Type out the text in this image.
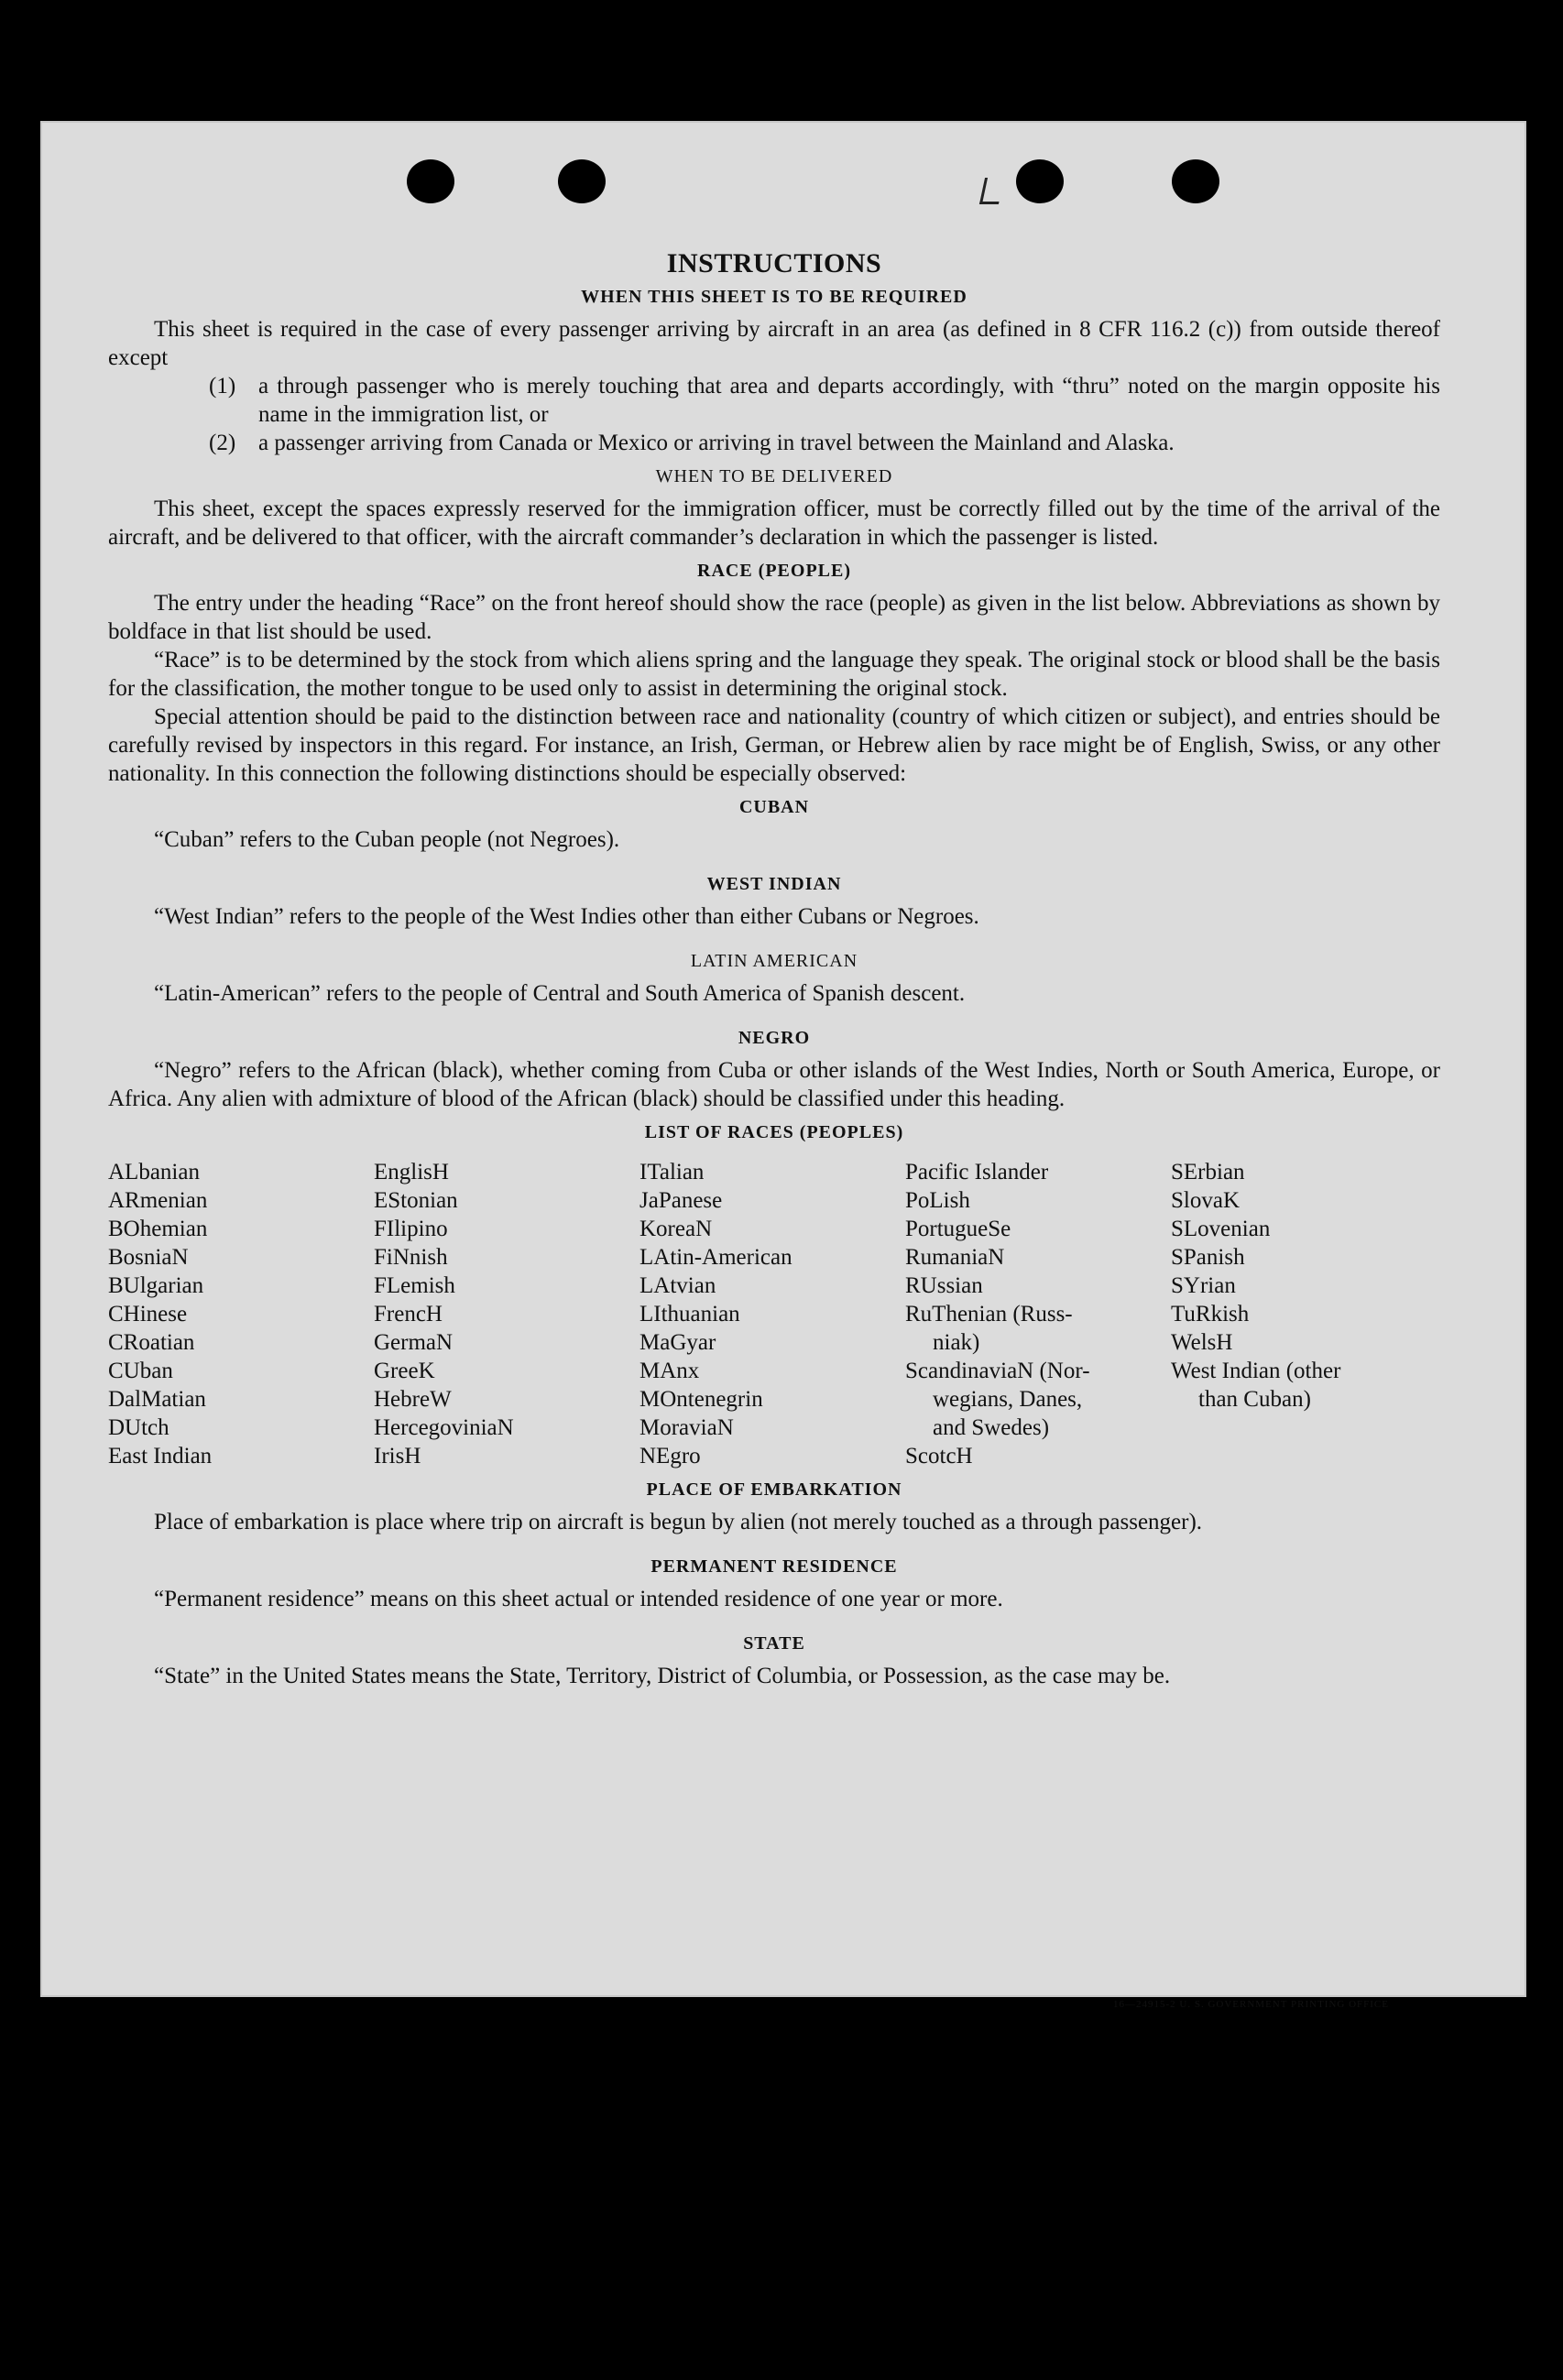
INSTRUCTIONS
WHEN THIS SHEET IS TO BE REQUIRED

This sheet is required in the case of every passenger arriving by aircraft in an area (as defined in 8 CFR 116.2 (c)) from outside thereof except

(1) a through passenger who is merely touching that area and departs accordingly, with “thru” noted on the margin opposite his name in the immigration list, or
(2) a passenger arriving from Canada or Mexico or arriving in travel between the Mainland and Alaska.
WHEN TO BE DELIVERED

This sheet, except the spaces expressly reserved for the immigration officer, must be correctly filled out by the time of the arrival of the aircraft, and be delivered to that officer, with the aircraft commander’s declaration in which the passenger is listed.

RACE (PEOPLE)

The entry under the heading “Race” on the front hereof should show the race (people) as given in the list below. Abbreviations as shown by boldface in that list should be used.

“Race” is to be determined by the stock from which aliens spring and the language they speak. The original stock or blood shall be the basis for the classification, the mother tongue to be used only to assist in determining the original stock.

Special attention should be paid to the distinction between race and nationality (country of which citizen or subject), and entries should be carefully revised by inspectors in this regard. For instance, an Irish, German, or Hebrew alien by race might be of English, Swiss, or any other nationality. In this connection the following distinctions should be especially observed:

CUBAN

“Cuban” refers to the Cuban people (not Negroes).

WEST INDIAN

“West Indian” refers to the people of the West Indies other than either Cubans or Negroes.

LATIN AMERICAN

“Latin-American” refers to the people of Central and South America of Spanish descent.

NEGRO

“Negro” refers to the African (black), whether coming from Cuba or other islands of the West Indies, North or South America, Europe, or Africa. Any alien with admixture of blood of the African (black) should be classified under this heading.

LIST OF RACES (PEOPLES)
ALbanian
ARmenian
BOhemian
BosniaN
BUlgarian
CHinese
CRoatian
CUban
DalMatian
DUtch
East Indian
EnglisH
EStonian
FIlipino
FiNnish
FLemish
FrencH
GermaN
GreeK
HebreW
HercegoviniaN
IrisH
ITalian
JaPanese
KoreaN
LAtin-American
LAtvian
LIthuanian
MaGyar
MAnx
MOntenegrin
MoraviaN
NEgro
Pacific Islander
PoLish
PortugueSe
RumaniaN
RUssian
RuThenian (Russ-
niak)
ScandinaviaN (Nor-
wegians, Danes,
and Swedes)
ScotcH
SErbian
SlovaK
SLovenian
SPanish
SYrian
TuRkish
WelsH
West Indian (other
than Cuban)
PLACE OF EMBARKATION

Place of embarkation is place where trip on aircraft is begun by alien (not merely touched as a through passenger).

PERMANENT RESIDENCE

“Permanent residence” means on this sheet actual or intended residence of one year or more.

STATE

“State” in the United States means the State, Territory, District of Columbia, or Possession, as the case may be.

16—24915-2 U. S. GOVERNMENT PRINTING OFFICE
